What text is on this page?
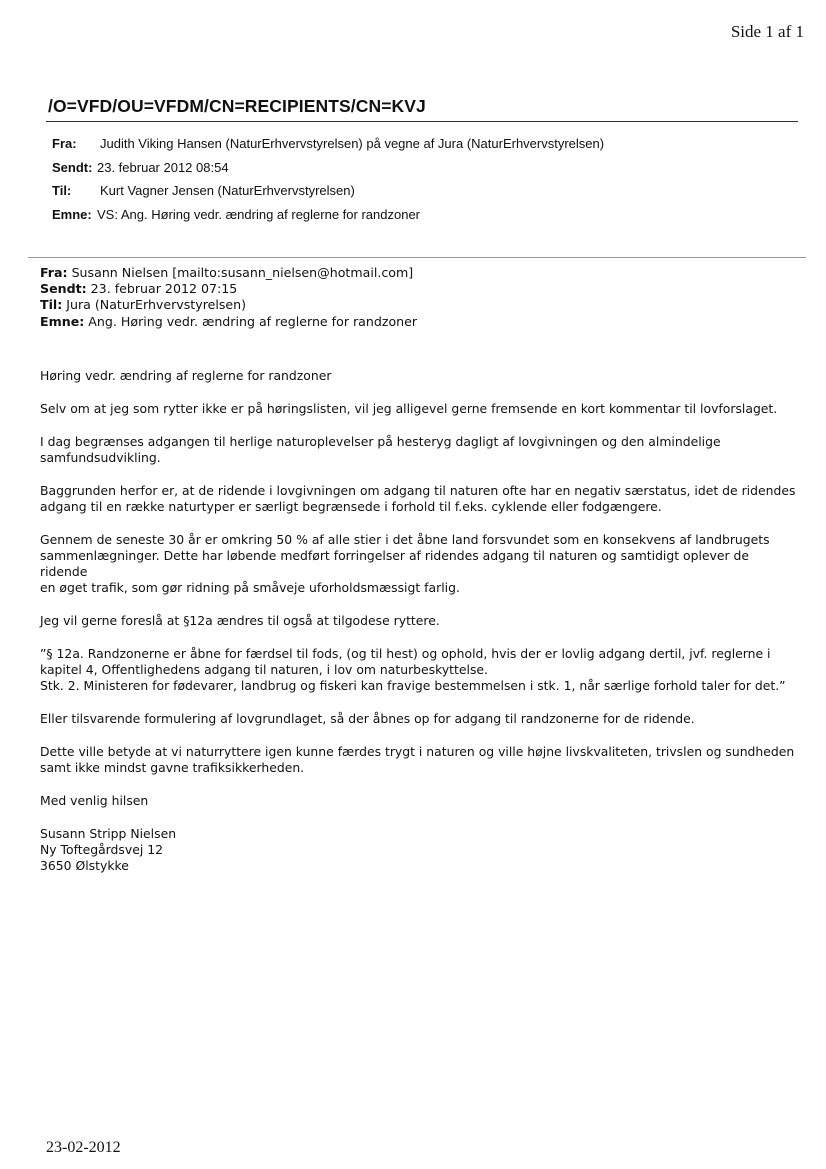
Side 1 af 1
/O=VFD/OU=VFDM/CN=RECIPIENTS/CN=KVJ
Fra:	Judith Viking Hansen (NaturErhvervstyrelsen) på vegne af Jura (NaturErhvervstyrelsen)
Sendt: 23. februar 2012 08:54
Til:	Kurt Vagner Jensen (NaturErhvervstyrelsen)
Emne: VS: Ang. Høring vedr. ændring af reglerne for randzoner
Fra: Susann Nielsen [mailto:susann_nielsen@hotmail.com]
Sendt: 23. februar 2012 07:15
Til: Jura (NaturErhvervstyrelsen)
Emne: Ang. Høring vedr. ændring af reglerne for randzoner

Høring vedr. ændring af reglerne for randzoner

Selv om at jeg som rytter ikke er på høringslisten, vil jeg alligevel gerne fremsende en kort kommentar til lovforslaget.

I dag begrænses adgangen til herlige naturoplevelser på hesteryg dagligt af lovgivningen og den almindelige
samfundsudvikling.

Baggrunden herfor er, at de ridende i lovgivningen om adgang til naturen ofte har en negativ særstatus, idet de ridendes
adgang til en række naturtyper er særligt begrænsede i forhold til f.eks. cyklende eller fodgængere.

Gennem de seneste 30 år er omkring 50 % af alle stier i det åbne land forsvundet som en konsekvens af landbrugets
sammenlægninger. Dette har løbende medført forringelser af ridendes adgang til naturen og samtidigt oplever de ridende
en øget trafik, som gør ridning på småveje uforholdsmæssigt farlig.

Jeg vil gerne foreslå at §12a ændres til også at tilgodese ryttere.

”§ 12a. Randzonerne er åbne for færdsel til fods, (og til hest) og ophold, hvis der er lovlig adgang dertil, jvf. reglerne i
kapitel 4, Offentlighedens adgang til naturen, i lov om naturbeskyttelse.
Stk. 2. Ministeren for fødevarer, landbrug og fiskeri kan fravige bestemmelsen i stk. 1, når særlige forhold taler for det.”

Eller tilsvarende formulering af lovgrundlaget, så der åbnes op for adgang til randzonerne for de ridende.

Dette ville betyde at vi naturryttere igen kunne færdes trygt i naturen og ville højne livskvaliteten, trivslen og sundheden
samt ikke mindst gavne trafiksikkerheden.

Med venlig hilsen

Susann Stripp Nielsen

Ny Toftegårdsvej 12

3650 Ølstykke

23-02-2012
